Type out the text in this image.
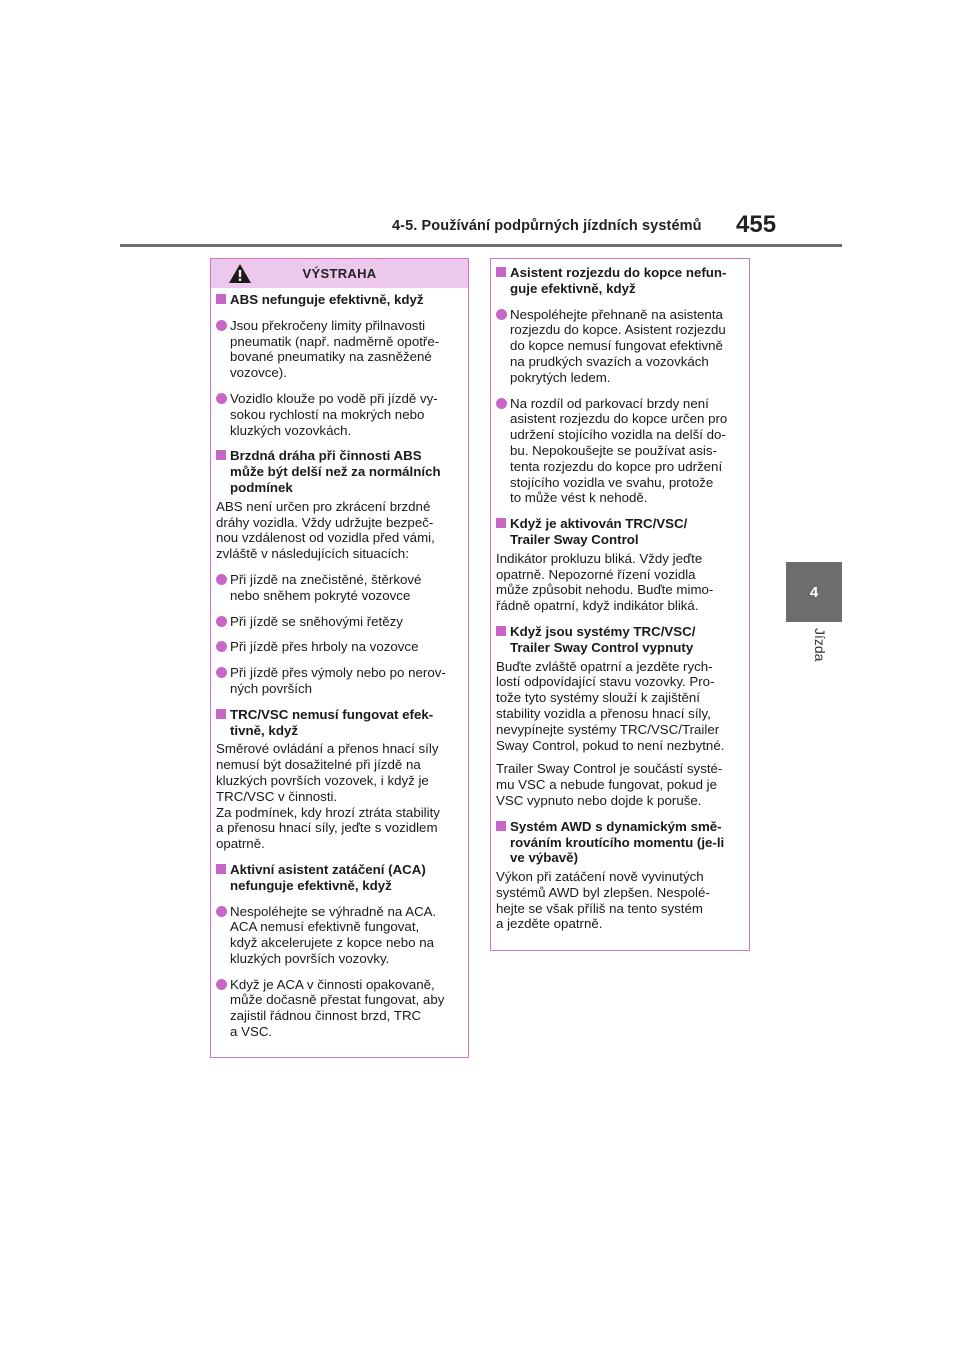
4-5. Používání podpůrných jízdních systémů 455
4
Jízda
VÝSTRAHA
ABS nefunguje efektivně, když
Jsou překročeny limity přilnavosti
pneumatik (např. nadměrně opotře-
bované pneumatiky na zasněžené
vozovce).
Vozidlo klouže po vodě při jízdě vy-
sokou rychlostí na mokrých nebo
kluzkých vozovkách.
Brzdná dráha při činnosti ABS
může být delší než za normálních
podmínek
ABS není určen pro zkrácení brzdné
dráhy vozidla. Vždy udržujte bezpeč-
nou vzdálenost od vozidla před vámi,
zvláště v následujících situacích:
Při jízdě na znečistěné, štěrkové
nebo sněhem pokryté vozovce
Při jízdě se sněhovými řetězy
Při jízdě přes hrboly na vozovce
Při jízdě přes výmoly nebo po nerov-
ných površích
TRC/VSC nemusí fungovat efek-
tivně, když
Směrové ovládání a přenos hnací síly
nemusí být dosažitelné při jízdě na
kluzkých površích vozovek, i když je
TRC/VSC v činnosti.
Za podmínek, kdy hrozí ztráta stability
a přenosu hnací síly, jeďte s vozidlem
opatrně.
Aktivní asistent zatáčení (ACA)
nefunguje efektivně, když
Nespoléhejte se výhradně na ACA.
ACA nemusí efektivně fungovat,
když akcelerujete z kopce nebo na
kluzkých površích vozovky.
Když je ACA v činnosti opakovaně,
může dočasně přestat fungovat, aby
zajistil řádnou činnost brzd, TRC
a VSC.
Asistent rozjezdu do kopce nefun-
guje efektivně, když
Nespoléhejte přehnaně na asistenta
rozjezdu do kopce. Asistent rozjezdu
do kopce nemusí fungovat efektivně
na prudkých svazích a vozovkách
pokrytých ledem.
Na rozdíl od parkovací brzdy není
asistent rozjezdu do kopce určen pro
udržení stojícího vozidla na delší do-
bu. Nepokoušejte se používat asis-
tenta rozjezdu do kopce pro udržení
stojícího vozidla ve svahu, protože
to může vést k nehodě.
Když je aktivován TRC/VSC/
Trailer Sway Control
Indikátor prokluzu bliká. Vždy jeďte
opatrně. Nepozorné řízení vozidla
může způsobit nehodu. Buďte mimo-
řádně opatrní, když indikátor bliká.
Když jsou systémy TRC/VSC/
Trailer Sway Control vypnuty
Buďte zvláště opatrní a jezděte rych-
lostí odpovídající stavu vozovky. Pro-
tože tyto systémy slouží k zajištění
stability vozidla a přenosu hnací síly,
nevypínejte systémy TRC/VSC/Trailer
Sway Control, pokud to není nezbytné.
Trailer Sway Control je součástí systé-
mu VSC a nebude fungovat, pokud je
VSC vypnuto nebo dojde k poruše.
Systém AWD s dynamickým smě-
rováním kroutícího momentu (je-li
ve výbavě)
Výkon při zatáčení nově vyvinutých
systémů AWD byl zlepšen. Nespolé-
hejte se však příliš na tento systém
a jezděte opatrně.
